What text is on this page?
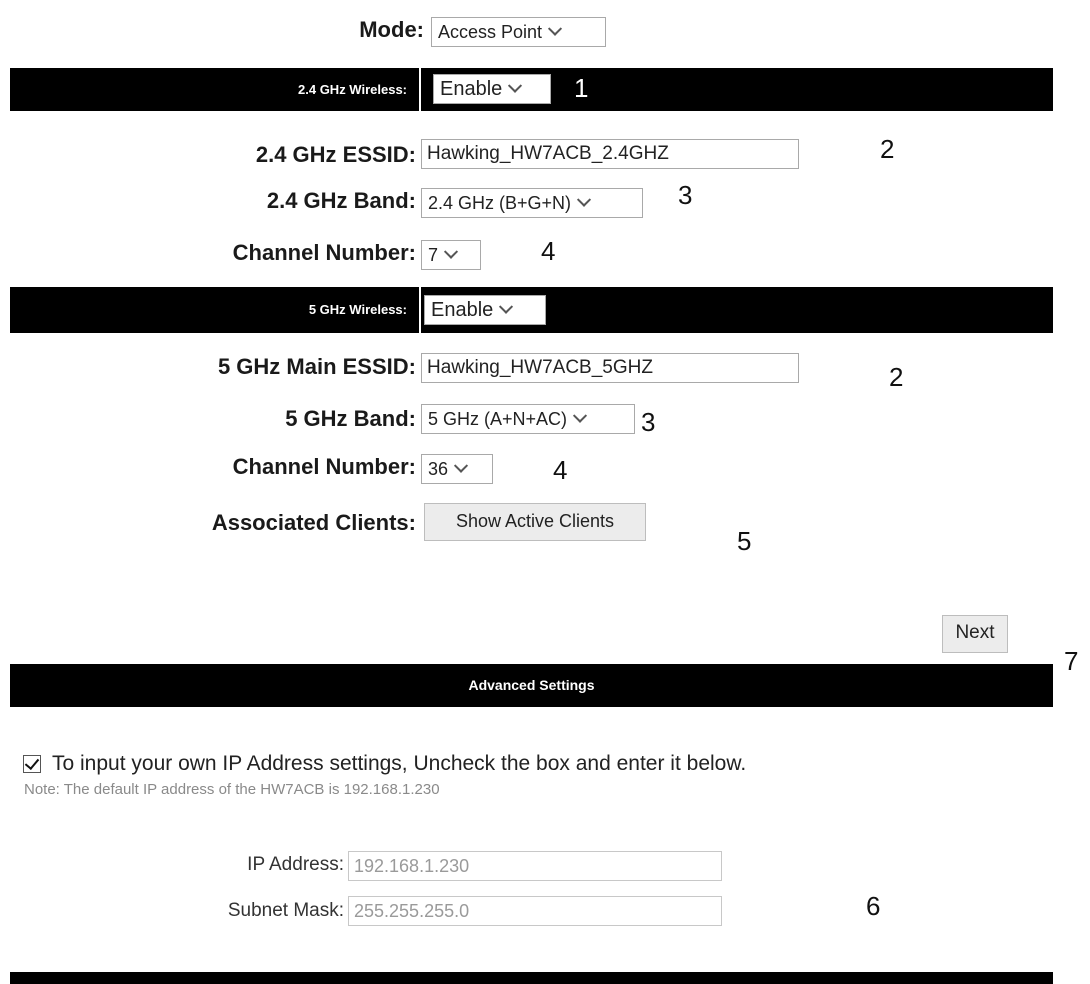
Mode: Access Point
2.4 GHz Wireless:	Enable	1
2.4 GHz ESSID:
Hawking_HW7ACB_2.4GHZ	2
2.4 GHz Band: 2.4 GHz (B+G+N)	3
Channel Number: 7	4
5 GHz Wireless:	Enable
5 GHz Main ESSID:
Hawking_HW7ACB_5GHZ	2
5 GHz Band: 5 GHz (A+N+AC)	3
Channel Number: 36	4
Associated Clients:	Show Active Clients
5
Next
7
Advanced Settings
To input your own IP Address settings, Uncheck the box and enter it below.
Note: The default IP address of the HW7ACB is 192.168.1.230
IP Address:
192.168.1.230
Subnet Mask:
255.255.255.0	6
